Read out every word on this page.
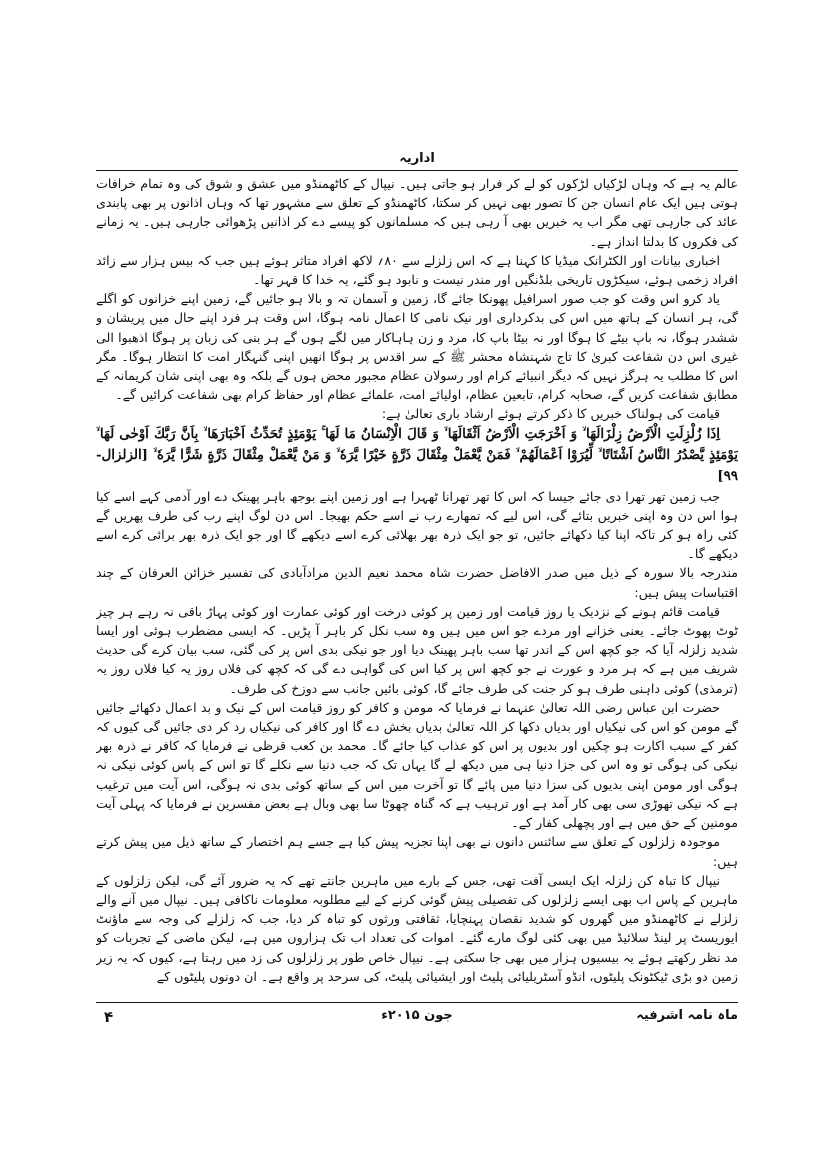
اداریہ

عالم یہ ہے کہ وہاں لڑکیاں لڑکوں کو لے کر فرار ہو جاتی ہیں۔ نیپال کے کاٹھمنڈو میں عشق و شوق کی وہ تمام خرافات ہوتی ہیں ایک عام انسان جن کا تصور بھی نہیں کر سکتا، کاٹھمنڈو کے تعلق سے مشہور تھا کہ وہاں اذانوں پر بھی پابندی عائد کی جارہی تھی مگر اب یہ خبریں بھی آ رہی ہیں کہ مسلمانوں کو پیسے دے کر اذانیں پڑھوائی جارہی ہیں۔ یہ زمانے کی فکروں کا بدلتا انداز ہے۔

اخباری بیانات اور الکٹرانک میڈیا کا کہنا ہے کہ اس زلزلے سے ۸۰؍ لاکھ افراد متاثر ہوئے ہیں جب کہ بیس ہزار سے زائد افراد زخمی ہوئے، سیکڑوں تاریخی بلڈنگیں اور مندر نیست و نابود ہو گئے، یہ خدا کا قہر تھا۔

یاد کرو اس وقت کو جب صور اسرافیل پھونکا جائے گا، زمین و آسمان تہ و بالا ہو جائیں گے، زمین اپنے خزانوں کو اگلے گی، ہر انسان کے ہاتھ میں اس کی بدکرداری اور نیک نامی کا اعمال نامہ ہوگا، اس وقت ہر فرد اپنے حال میں پریشان و ششدر ہوگا، نہ باپ بیٹے کا ہوگا اور نہ بیٹا باپ کا، مرد و زن ہاہاکار میں لگے ہوں گے ہر بنی کی زبان پر ہوگا اذھبوا الی غیری اس دن شفاعت کبریٰ کا تاج شہنشاہ محشر ﷺ کے سر اقدس پر ہوگا انھیں اپنی گنہگار امت کا انتظار ہوگا۔ مگر اس کا مطلب یہ ہرگز نہیں کہ دیگر انبیائے کرام اور رسولان عظام مجبور محض ہوں گے بلکہ وہ بھی اپنی شان کریمانہ کے مطابق شفاعت کریں گے، صحابہ کرام، تابعین عظام، اولیائے امت، علمائے عظام اور حفاظ کرام بھی شفاعت کرائیں گے۔

قیامت کی ہولناک خبریں کا ذکر کرتے ہوئے ارشاد باری تعالیٰ ہے:

اِذَا زُلْزِلَتِ الْاَرْضُ زِلْزَالَهَا ۙ وَ اَخْرَجَتِ الْاَرْضُ اَثْقَالَهَا ۙ وَ قَالَ الْاِنْسَانُ مَا لَهَا ۚ يَوْمَئِذٍ تُحَدِّثُ اَخْبَارَهَا ۙ بِاَنَّ رَبَّكَ اَوْحٰى لَهَا ۙ يَوْمَئِذٍ يَّصْدُرُ النَّاسُ اَشْتَاتًا ۙ لِّيُرَوْا اَعْمَالَهُمْ ۙ فَمَنْ يَّعْمَلْ مِثْقَالَ ذَرَّةٍ خَيْرًا يَّرَهٗ ۙ وَ مَنْ يَّعْمَلْ مِثْقَالَ ذَرَّةٍ شَرًّا يَّرَهٗ ۙ [الزلزال- ۹۹]

جب زمین تھر تھرا دی جائے جیسا کہ اس کا تھر تھرانا ٹھہرا ہے اور زمین اپنے بوجھ باہر پھینک دے اور آدمی کہے اسے کیا ہوا اس دن وہ اپنی خبریں بتائے گی، اس لیے کہ تمھارے رب نے اسے حکم بھیجا۔ اس دن لوگ اپنے رب کی طرف پھریں گے کئی راہ ہو کر تاکہ اپنا کیا دکھائے جائیں، تو جو ایک ذرہ بھر بھلائی کرے اسے دیکھے گا اور جو ایک ذرہ بھر برائی کرے اسے دیکھے گا۔

مندرجہ بالا سورہ کے ذیل میں صدر الافاضل حضرت شاہ محمد نعیم الدین مرادآبادی کی تفسیر خزائن العرفان کے چند اقتباسات پیش ہیں:

قیامت قائم ہونے کے نزدیک یا روز قیامت اور زمین پر کوئی درخت اور کوئی عمارت اور کوئی پہاڑ باقی نہ رہے ہر چیز ٹوٹ پھوٹ جائے۔ یعنی خزانے اور مردے جو اس میں ہیں وہ سب نکل کر باہر آ پڑیں۔ کہ ایسی مضطرب ہوئی اور ایسا شدید زلزلہ آیا کہ جو کچھ اس کے اندر تھا سب باہر پھینک دیا اور جو نیکی بدی اس پر کی گئی، سب بیان کرے گی حدیث شریف میں ہے کہ ہر مرد و عورت نے جو کچھ اس پر کیا اس کی گواہی دے گی کہ کچھ کی فلاں روز یہ کیا فلاں روز یہ (ترمذی) کوئی داہنی طرف ہو کر جنت کی طرف جائے گا، کوئی بائیں جانب سے دوزخ کی طرف۔

حضرت ابن عباس رضی اللہ تعالیٰ عنہما نے فرمایا کہ مومن و کافر کو روز قیامت اس کے نیک و بد اعمال دکھائے جائیں گے مومن کو اس کی نیکیاں اور بدیاں دکھا کر اللہ تعالیٰ بدیاں بخش دے گا اور کافر کی نیکیاں رد کر دی جائیں گی کیوں کہ کفر کے سبب اکارت ہو چکیں اور بدیوں پر اس کو عذاب کیا جائے گا۔ محمد بن کعب قرظی نے فرمایا کہ کافر نے ذرہ بھر نیکی کی ہوگی تو وہ اس کی جزا دنیا ہی میں دیکھ لے گا یہاں تک کہ جب دنیا سے نکلے گا تو اس کے پاس کوئی نیکی نہ ہوگی اور مومن اپنی بدیوں کی سزا دنیا میں پائے گا تو آخرت میں اس کے ساتھ کوئی بدی نہ ہوگی، اس آیت میں ترغیب ہے کہ نیکی تھوڑی سی بھی کار آمد ہے اور ترہیب ہے کہ گناہ چھوٹا سا بھی وبال ہے بعض مفسرین نے فرمایا کہ پہلی آیت مومنین کے حق میں ہے اور پچھلی کفار کے۔

موجودہ زلزلوں کے تعلق سے سائنس دانوں نے بھی اپنا تجزیہ پیش کیا ہے جسے ہم اختصار کے ساتھ ذیل میں پیش کرتے ہیں:

نیپال کا تباہ کن زلزلہ ایک ایسی آفت تھی، جس کے بارے میں ماہرین جانتے تھے کہ یہ ضرور آئے گی، لیکن زلزلوں کے ماہرین کے پاس اب بھی ایسے زلزلوں کی تفصیلی پیش گوئی کرنے کے لیے مطلوبہ معلومات ناکافی ہیں۔ نیپال میں آنے والے زلزلے نے کاٹھمنڈو میں گھروں کو شدید نقصان پہنچایا، ثقافتی ورثوں کو تباہ کر دیا، جب کہ زلزلے کی وجہ سے ماؤنٹ ایوریسٹ پر لینڈ سلائیڈ میں بھی کئی لوگ مارے گئے۔ اموات کی تعداد اب تک ہزاروں میں ہے، لیکن ماضی کے تجربات کو مد نظر رکھتے ہوئے یہ بیسیوں ہزار میں بھی جا سکتی ہے۔ نیپال خاص طور پر زلزلوں کی زد میں رہتا ہے، کیوں کہ یہ زیر زمین دو بڑی ٹیکٹونک پلیٹوں، انڈو آسٹریلیائی پلیٹ اور ایشیائی پلیٹ، کی سرحد پر واقع ہے۔ ان دونوں پلیٹوں کے

ماہ نامہ اشرفیہ
جون ۲۰۱۵ء
۴
